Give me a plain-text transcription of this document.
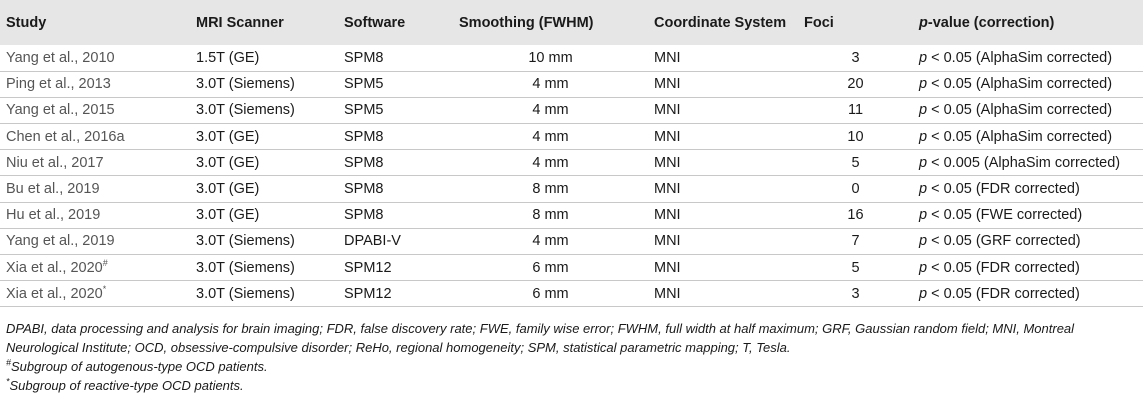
Study	MRI Scanner	Software	Smoothing (FWHM)	Coordinate System	Foci	p-value (correction)
Yang et al., 2010	1.5T (GE)	SPM8	10 mm	MNI	3	p < 0.05 (AlphaSim corrected)
Ping et al., 2013	3.0T (Siemens)	SPM5	4 mm	MNI	20	p < 0.05 (AlphaSim corrected)
Yang et al., 2015	3.0T (Siemens)	SPM5	4 mm	MNI	11	p < 0.05 (AlphaSim corrected)
Chen et al., 2016a	3.0T (GE)	SPM8	4 mm	MNI	10	p < 0.05 (AlphaSim corrected)
Niu et al., 2017	3.0T (GE)	SPM8	4 mm	MNI	5	p < 0.005 (AlphaSim corrected)
Bu et al., 2019	3.0T (GE)	SPM8	8 mm	MNI	0	p < 0.05 (FDR corrected)
Hu et al., 2019	3.0T (GE)	SPM8	8 mm	MNI	16	p < 0.05 (FWE corrected)
Yang et al., 2019	3.0T (Siemens)	DPABI-V	4 mm	MNI	7	p < 0.05 (GRF corrected)
Xia et al., 2020#	3.0T (Siemens)	SPM12	6 mm	MNI	5	p < 0.05 (FDR corrected)
Xia et al., 2020*	3.0T (Siemens)	SPM12	6 mm	MNI	3	p < 0.05 (FDR corrected)

DPABI, data processing and analysis for brain imaging; FDR, false discovery rate; FWE, family wise error; FWHM, full width at half maximum; GRF, Gaussian random field; MNI, Montreal Neurological Institute; OCD, obsessive-compulsive disorder; ReHo, regional homogeneity; SPM, statistical parametric mapping; T, Tesla.

#Subgroup of autogenous-type OCD patients.

*Subgroup of reactive-type OCD patients.
